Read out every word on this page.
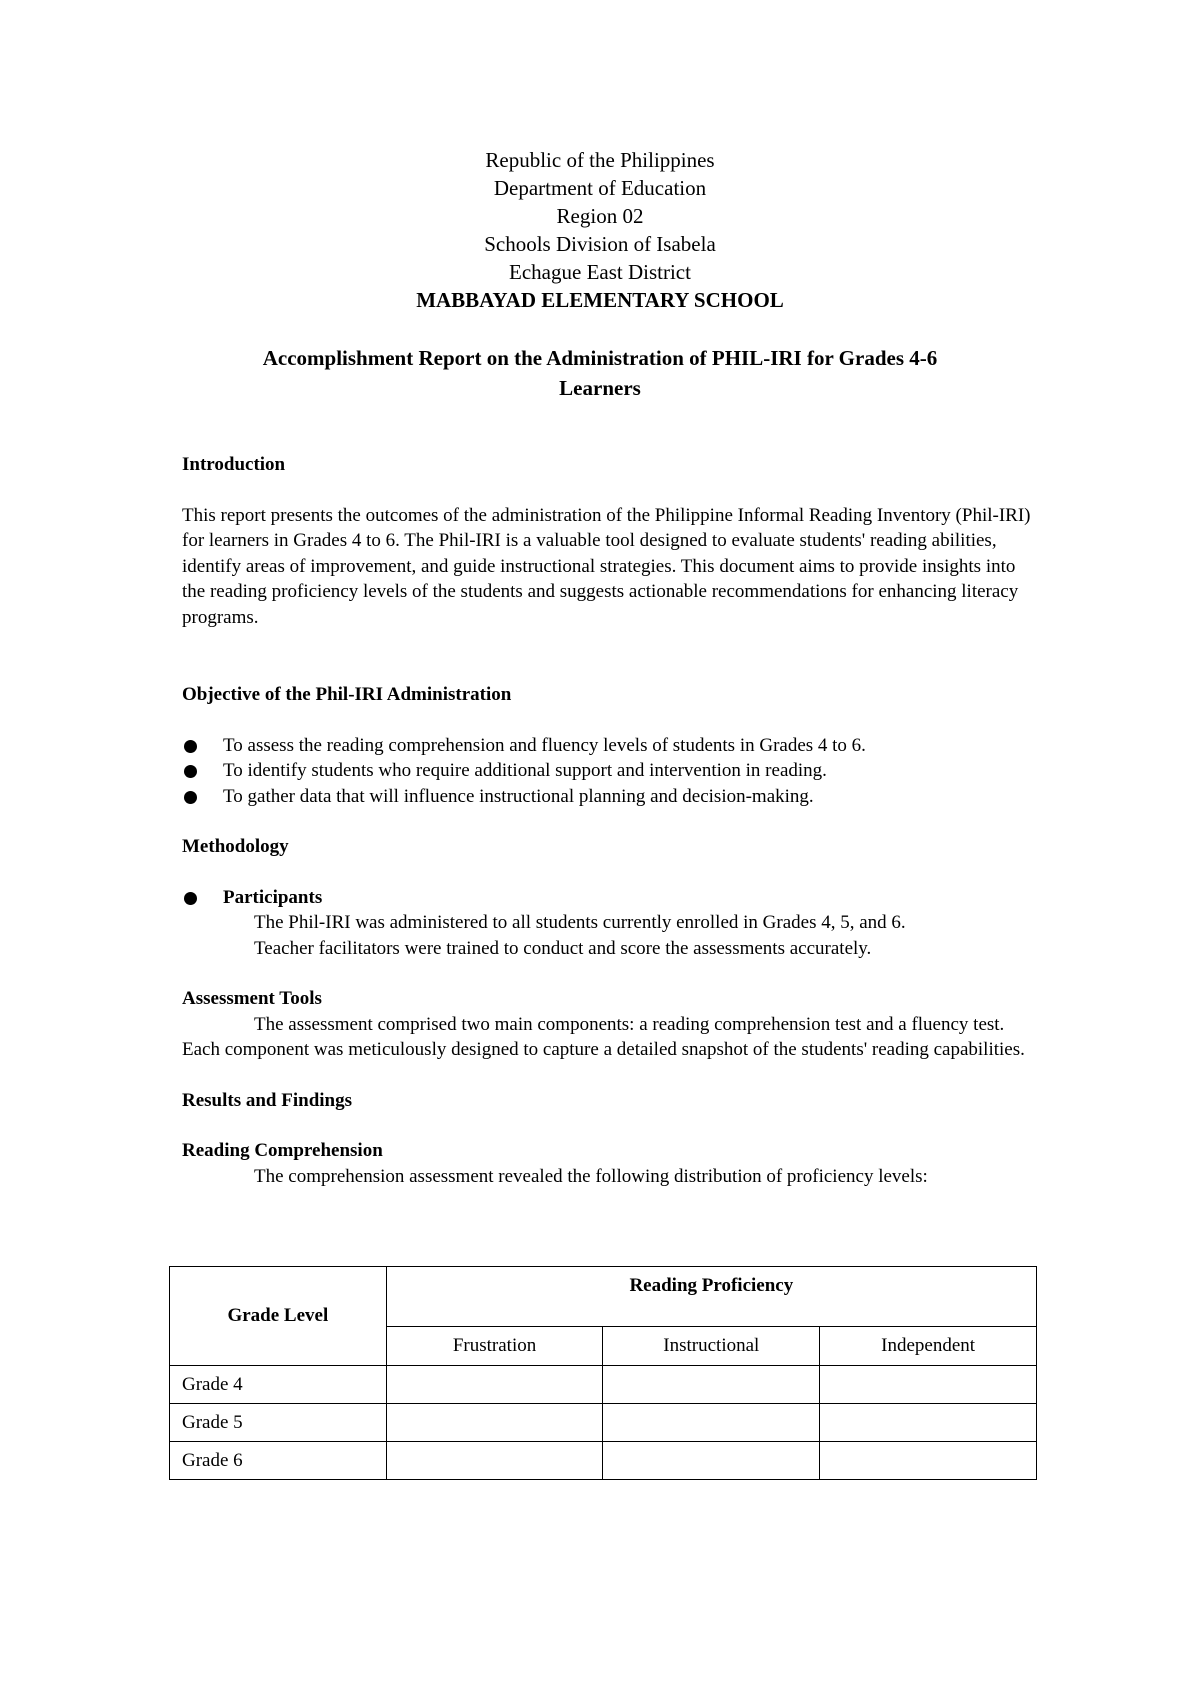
Republic of the Philippines
Department of Education
Region 02
Schools Division of Isabela
Echague East District
MABBAYAD ELEMENTARY SCHOOL
Accomplishment Report on the Administration of PHIL-IRI for Grades 4-6
Learners

Introduction

This report presents the outcomes of the administration of the Philippine Informal Reading Inventory (Phil-IRI) for learners in Grades 4 to 6. The Phil-IRI is a valuable tool designed to evaluate students' reading abilities, identify areas of improvement, and guide instructional strategies. This document aims to provide insights into the reading proficiency levels of the students and suggests actionable recommendations for enhancing literacy programs.

Objective of the Phil-IRI Administration

To assess the reading comprehension and fluency levels of students in Grades 4 to 6.
To identify students who require additional support and intervention in reading.
To gather data that will influence instructional planning and decision-making.

Methodology

Participants

The Phil-IRI was administered to all students currently enrolled in Grades 4, 5, and 6.

Teacher facilitators were trained to conduct and score the assessments accurately.

Assessment Tools

The assessment comprised two main components: a reading comprehension test and a fluency test. Each component was meticulously designed to capture a detailed snapshot of the students' reading capabilities.

Results and Findings

Reading Comprehension

The comprehension assessment revealed the following distribution of proficiency levels:

Grade Level	Reading Proficiency		
	Frustration	Instructional	Independent
Grade 4			
Grade 5			
Grade 6			
